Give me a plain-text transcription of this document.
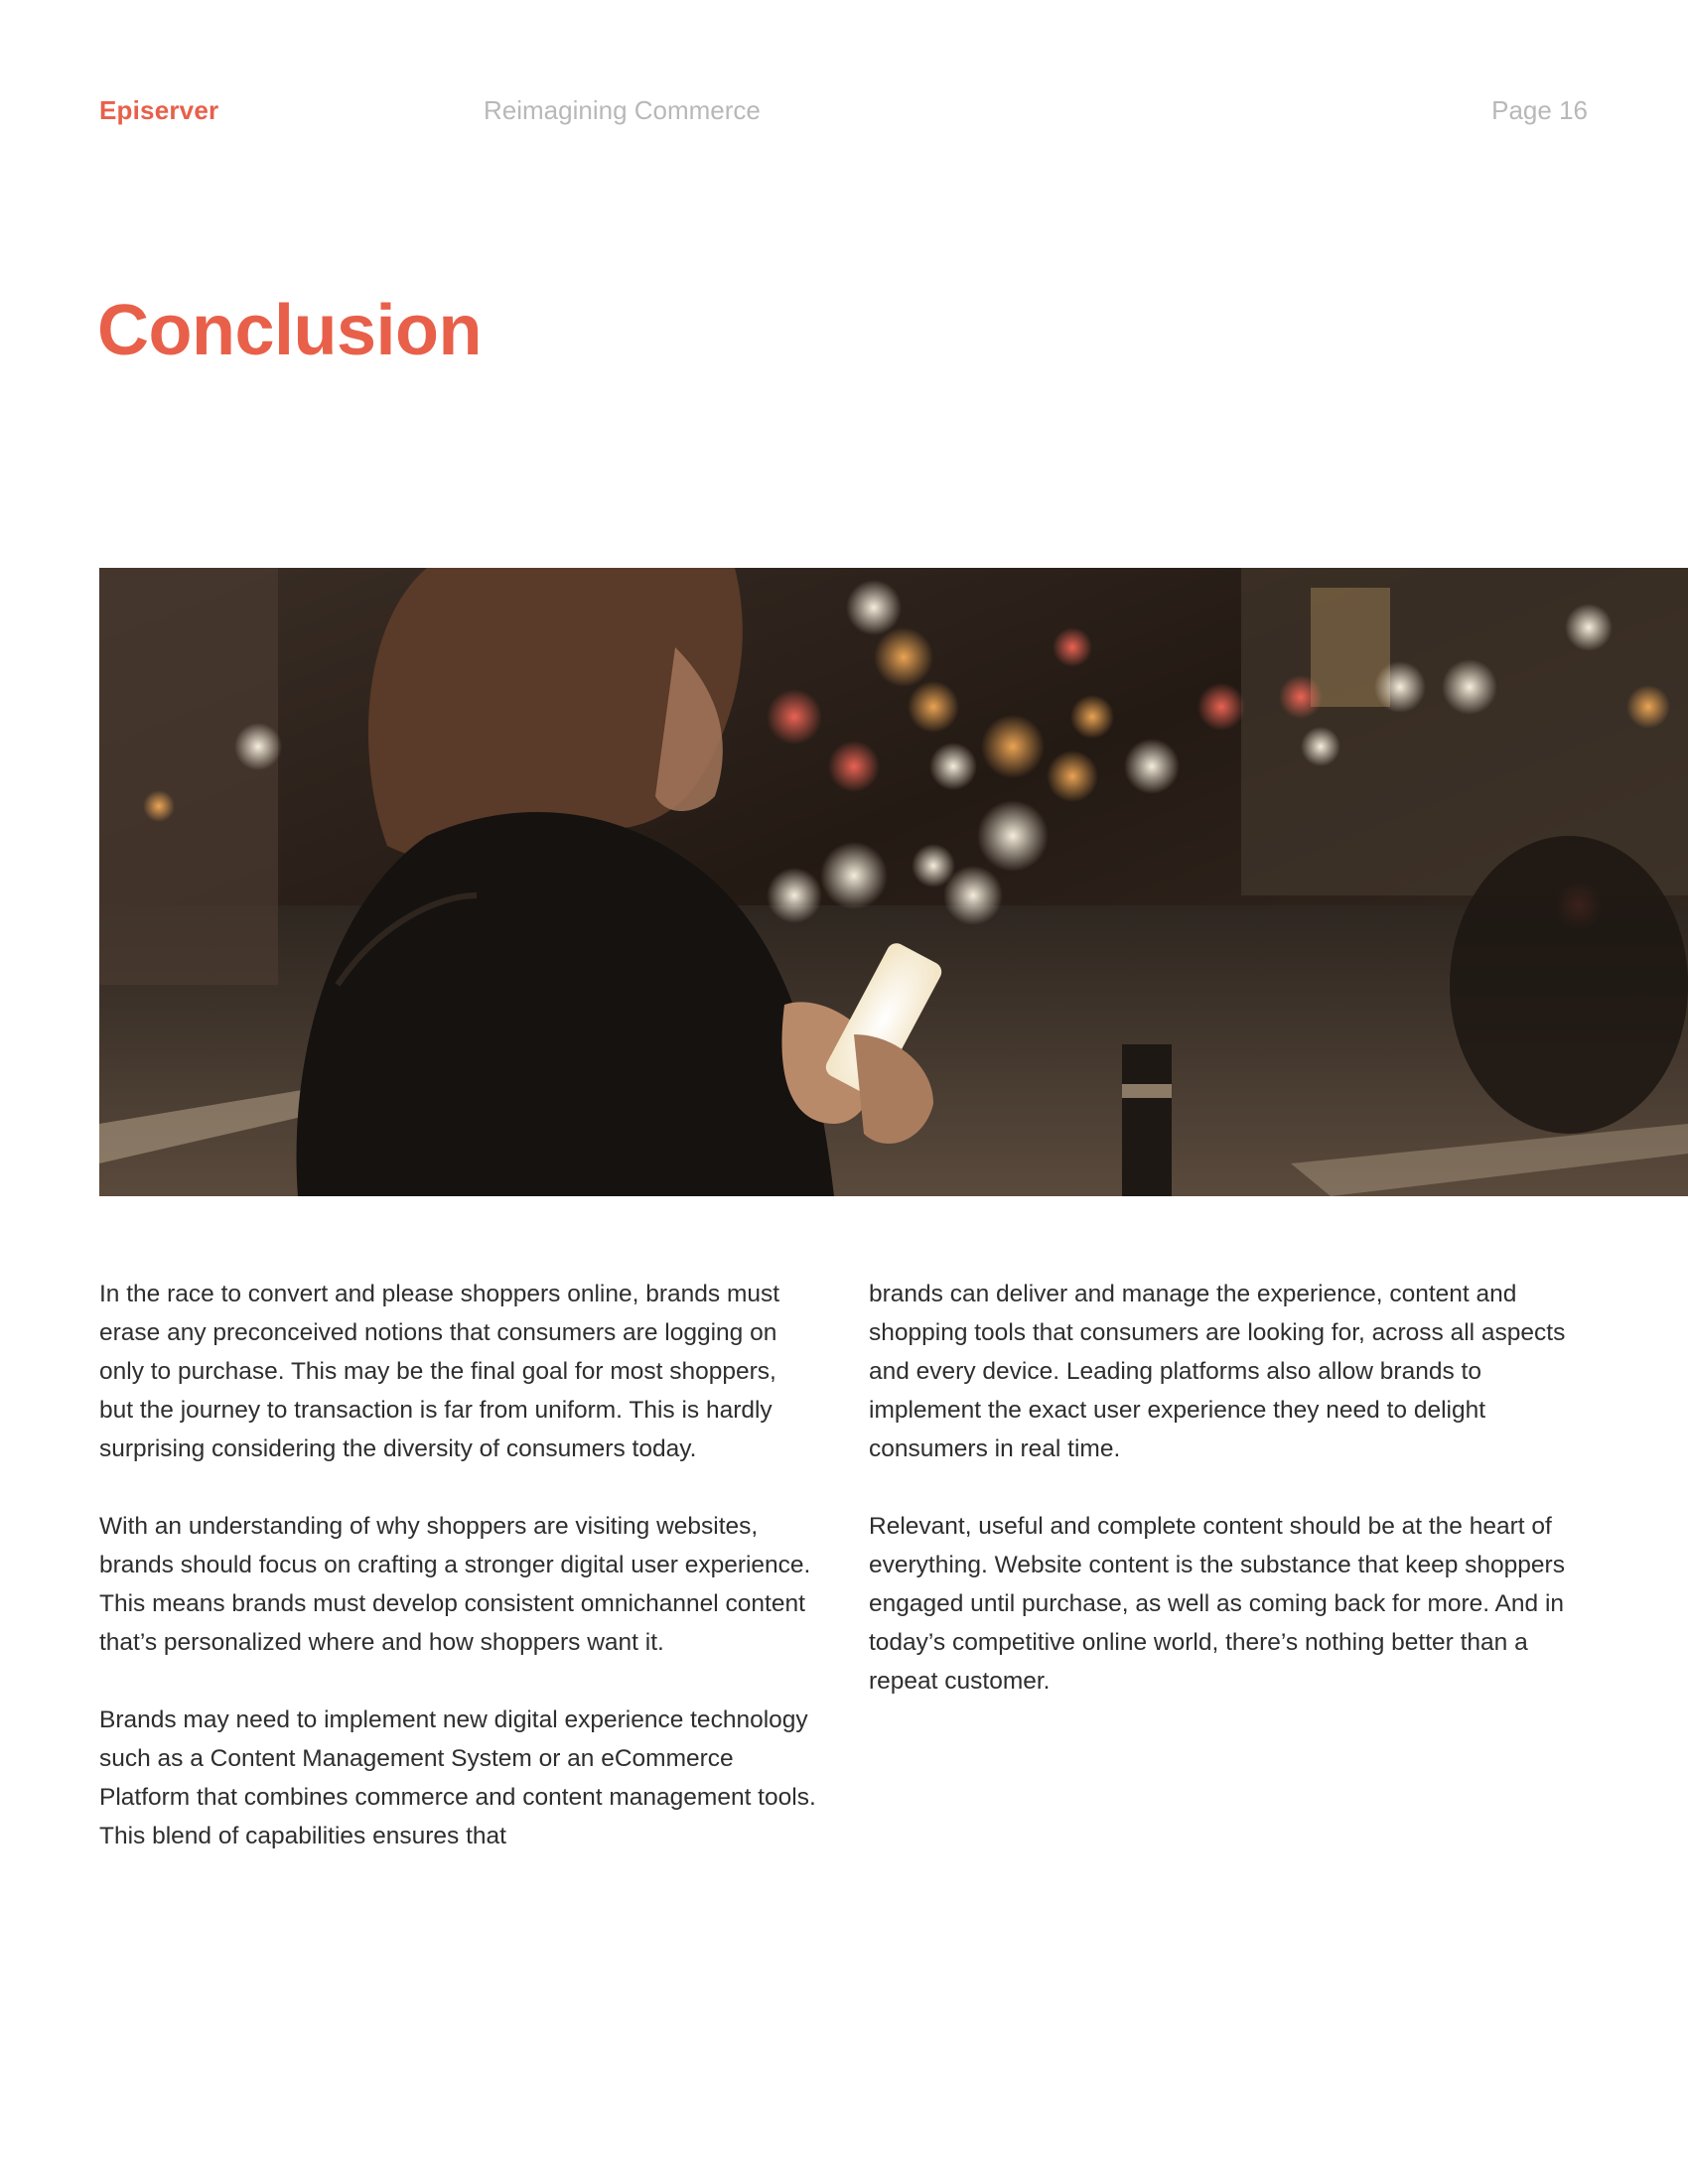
Episerver	Reimagining Commerce	Page 16
Conclusion

In the race to convert and please shoppers online, brands must erase any preconceived notions that consumers are logging on only to purchase. This may be the final goal for most shoppers, but the journey to transaction is far from uniform. This is hardly surprising considering the diversity of consumers today.

With an understanding of why shoppers are visiting websites, brands should focus on crafting a stronger digital user experience. This means brands must develop consistent omnichannel content that’s personalized where and how shoppers want it.

Brands may need to implement new digital experience technology such as a Content Management System or an eCommerce Platform that combines commerce and content management tools. This blend of capabilities ensures that

brands can deliver and manage the experience, content and shopping tools that consumers are looking for, across all aspects and every device. Leading platforms also allow brands to implement the exact user experience they need to delight consumers in real time.

Relevant, useful and complete content should be at the heart of everything. Website content is the substance that keep shoppers engaged until purchase, as well as coming back for more. And in today’s competitive online world, there’s nothing better than a repeat customer.
